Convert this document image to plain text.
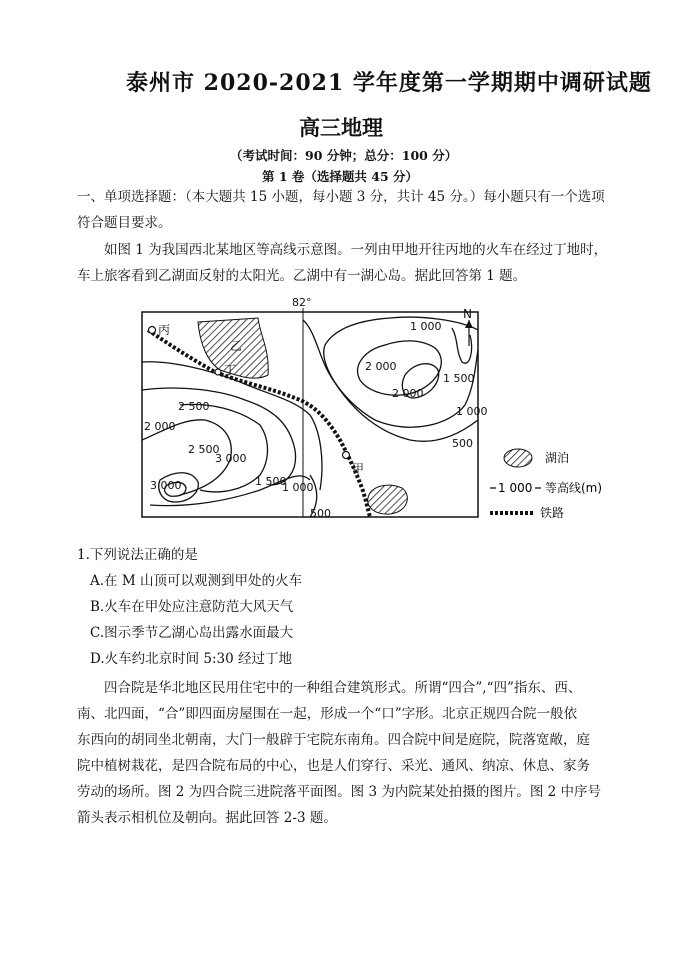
泰州市 2020-2021 学年度第一学期期中调研试题
高三地理
（考试时间：90 分钟；总分：100 分）
第 1 卷（选择题共 45 分）
一、单项选择题：（本大题共 15 小题，每小题 3 分，共计 45 分。）每小题只有一个选项
符合题目要求。
如图 1 为我国西北某地区等高线示意图。一列由甲地开往丙地的火车在经过丁地时，
车上旅客看到乙湖面反射的太阳光。乙湖中有一湖心岛。据此回答第 1 题。
82°
丙
乙
丁
甲
1 000
2 000
2 000
1 500
1 000
500
2 500
2 000
2 500
3 000
3 000	1 500
1 000
500
N
湖泊
1 000 等高线(m)
铁路
1.下列说法正确的是
A.在 M 山顶可以观测到甲处的火车
B.火车在甲处应注意防范大风天气
C.图示季节乙湖心岛出露水面最大
D.火车约北京时间 5:30 经过丁地
四合院是华北地区民用住宅中的一种组合建筑形式。所谓“四合”,“四”指东、西、
南、北四面，“合”即四面房屋围在一起，形成一个“口”字形。北京正规四合院一般依
东西向的胡同坐北朝南，大门一般辟于宅院东南角。四合院中间是庭院，院落宽敞，庭
院中植树栽花，是四合院布局的中心，也是人们穿行、采光、通风、纳凉、休息、家务
劳动的场所。图 2 为四合院三进院落平面图。图 3 为内院某处拍摄的图片。图 2 中序号
箭头表示相机位及朝向。据此回答 2-3 题。
